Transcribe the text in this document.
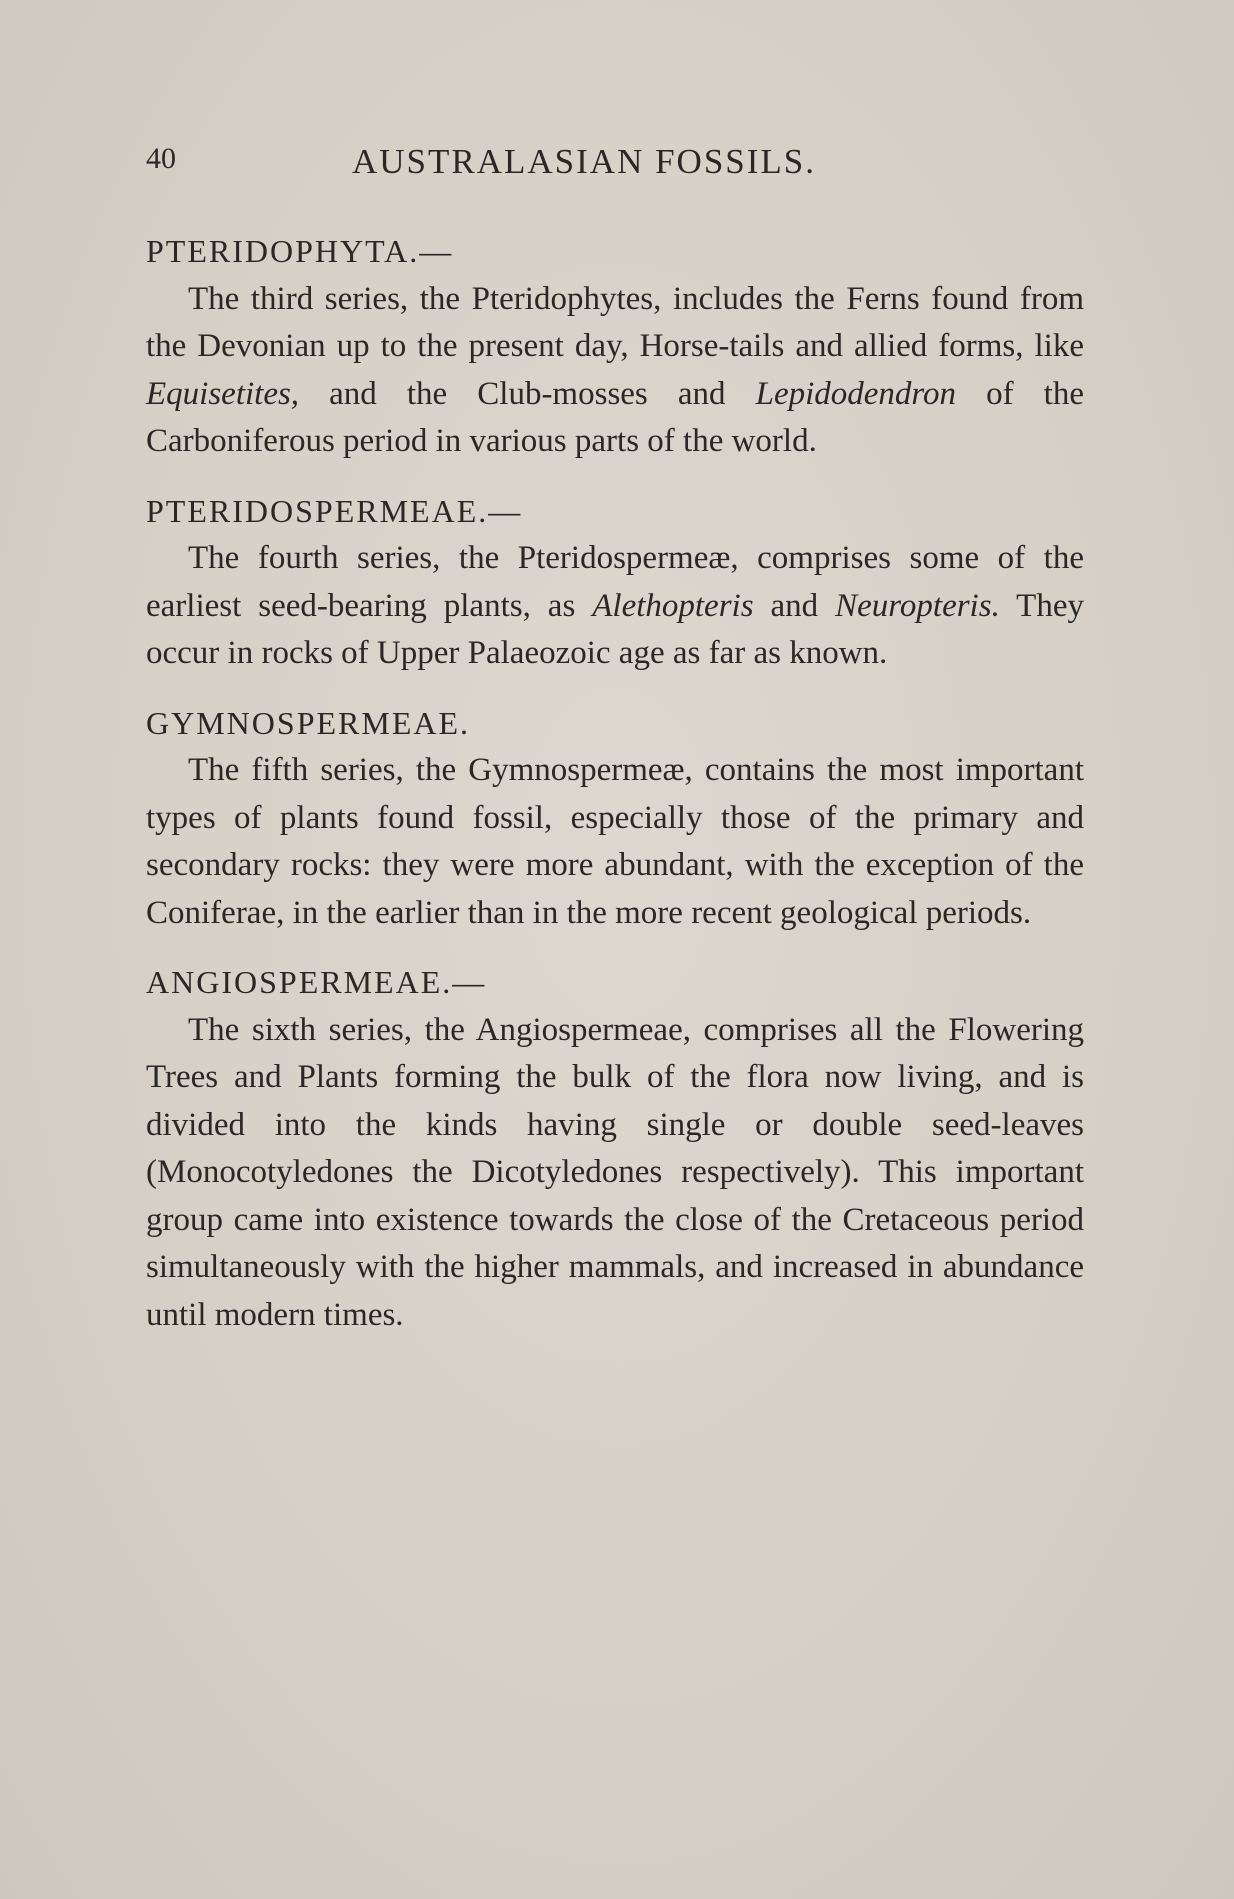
40	AUSTRALASIAN FOSSILS.

PTERIDOPHYTA.—

The third series, the Pteridophytes, includes the Ferns found from the Devonian up to the present day, Horse-tails and allied forms, like Equisetites, and the Club-mosses and Lepidodendron of the Carboniferous period in various parts of the world.

PTERIDOSPERMEAE.—

The fourth series, the Pteridospermeæ, comprises some of the earliest seed-bearing plants, as Alethopteris and Neuropteris. They occur in rocks of Upper Palaeozoic age as far as known.

GYMNOSPERMEAE.

The fifth series, the Gymnospermeæ, contains the most important types of plants found fossil, especially those of the primary and secondary rocks: they were more abundant, with the exception of the Coniferae, in the earlier than in the more recent geological periods.

ANGIOSPERMEAE.—

The sixth series, the Angiospermeae, comprises all the Flowering Trees and Plants forming the bulk of the flora now living, and is divided into the kinds having single or double seed-leaves (Monocotyledones the Dicotyledones respectively). This important group came into existence towards the close of the Cretaceous period simultaneously with the higher mammals, and increased in abundance until modern times.
